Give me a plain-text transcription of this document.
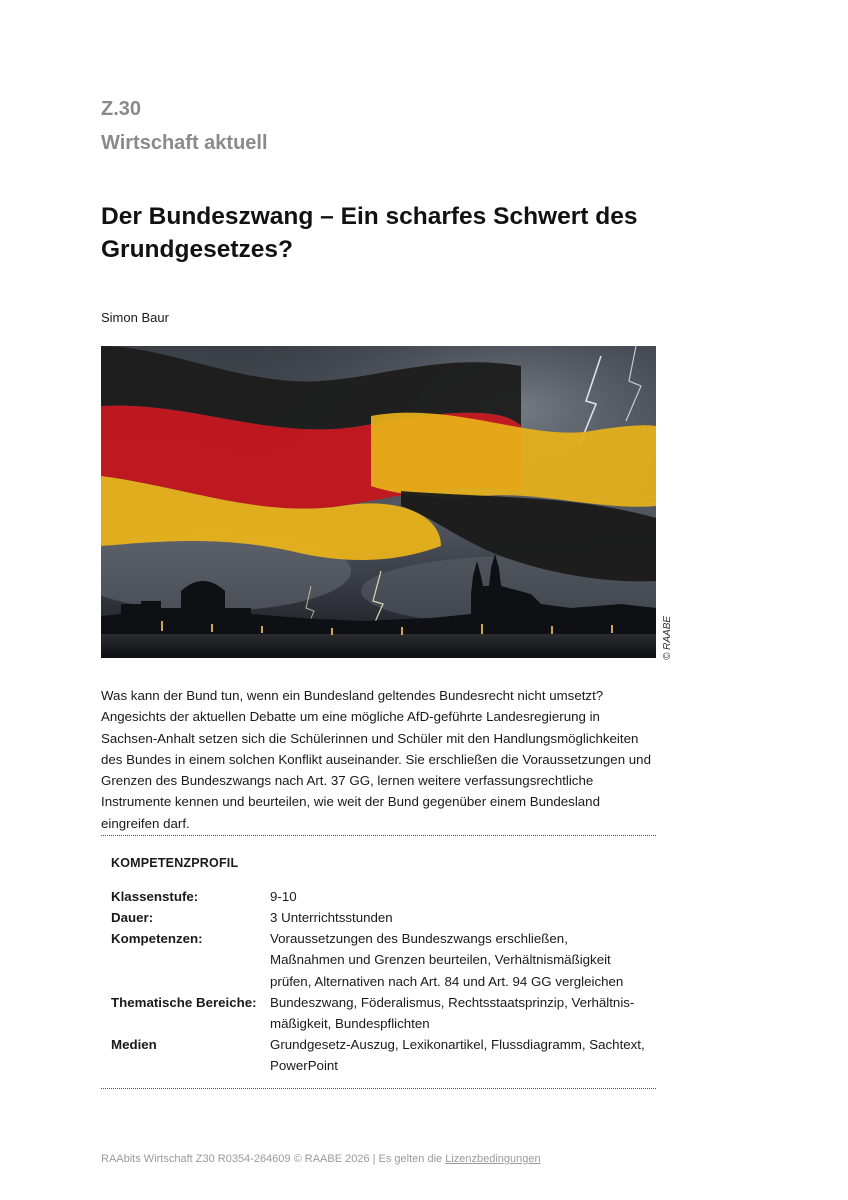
Z.30
Wirtschaft aktuell
Der Bundeszwang – Ein scharfes Schwert des Grundgesetzes?
Simon Baur
© RAABE
Was kann der Bund tun, wenn ein Bundesland geltendes Bundesrecht nicht umsetzt? Angesichts der aktuellen Debatte um eine mögliche AfD-geführte Landesregierung in Sachsen-Anhalt setzen sich die Schülerinnen und Schüler mit den Handlungsmöglichkeiten des Bundes in einem solchen Konflikt auseinander. Sie erschließen die Voraussetzungen und Grenzen des Bundeszwangs nach Art. 37 GG, lernen weitere verfassungsrechtliche Instrumente kennen und beurteilen, wie weit der Bund gegenüber einem Bundesland eingreifen darf.
KOMPETENZPROFIL
Klassenstufe:	9-10
Dauer:	3 Unterrichtsstunden
Kompetenzen:	Voraussetzungen des Bundeszwangs erschließen, Maßnahmen und Grenzen beurteilen, Verhältnismäßigkeit prüfen, Alternativen nach Art. 84 und Art. 94 GG vergleichen
Thematische Bereiche:	Bundeszwang, Föderalismus, Rechtsstaatsprinzip, Verhältnis-mäßigkeit, Bundespflichten
Medien	Grundgesetz-Auszug, Lexikonartikel, Flussdiagramm, Sachtext, PowerPoint
RAAbits Wirtschaft Z30 R0354-264609 © RAABE 2026 | Es gelten die Lizenzbedingungen
